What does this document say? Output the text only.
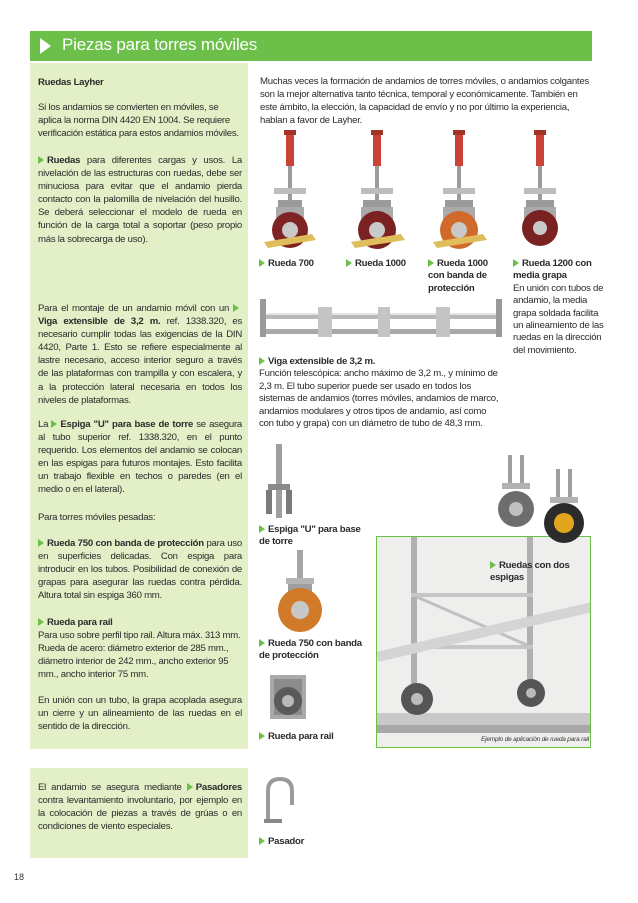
Piezas para torres móviles
Ruedas Layher
Si los andamios se convierten en móviles, se aplica la norma DIN 4420 EN 1004. Se requiere verificación estática para estos andamios móviles.
Ruedas para diferentes cargas y usos. La nivelación de las estructuras con ruedas, debe ser minuciosa para evitar que el andamio pierda contacto con la palomilla de nivelación del husillo. Se deberá seleccionar el modelo de rueda en función de la carga total a soportar (peso propio más la sobrecarga de uso).
Para el montaje de un andamio móvil con un Viga extensible de 3,2 m. ref. 1338.320, es necesario cumplir todas las exigencias de la DIN 4420, Parte 1. Esto se refiere especialmente al lastre necesario, acceso interior seguro a través de las plataformas con trampilla y con escalera, y a la protección lateral necesaria en todos los niveles de plataformas.
La Espiga "U" para base de torre se asegura al tubo superior ref. 1338.320, en el punto requerido. Los elementos del andamio se colocan en las espigas para futuros montajes. Esto facilita un trabajo flexible en techos o paredes (en el medio o en el lateral).
Para torres móviles pesadas:
Rueda 750 con banda de protección para uso en superficies delicadas. Con espiga para introducir en los tubos. Posibilidad de conexión de grapas para asegurar las ruedas contra pérdida. Altura total sin espiga 360 mm.
Rueda para raíl
Para uso sobre perfil tipo rail. Altura máx. 313 mm. Rueda de acero: diámetro exterior de 285 mm., diámetro interior de 242 mm., ancho exterior 95 mm., ancho interior 75 mm.
En unión con un tubo, la grapa acoplada asegura un cierre y un alineamiento de las ruedas en el sentido de la dirección.
El andamio se asegura mediante Pasadores contra levantamiento involuntario, por ejemplo en la colocación de piezas a través de grúas o en condiciones de viento especiales.
Muchas veces la formación de andamios de torres móviles, o andamios colgantes son la mejor alternativa tanto técnica, temporal y económicamente. También en este ámbito, la elección, la capacidad de envío y no por último la experiencia, hablan a favor de Layher.
Rueda 700	Rueda 1000	Rueda 1000 con banda de protección
Rueda 1200 con media grapa
En unión con tubos de andamio, la media grapa soldada facilita un alineamiento de las ruedas en la dirección del movimiento.
Viga extensible de 3,2 m.
Función telescópica: ancho máximo de 3,2 m., y mínimo de 2,3 m. El tubo superior puede ser usado en todos los sistemas de andamios (torres móviles, andamios de marco, andamios modulares y otros tipos de andamio, así como con tubo y grapa) con un diámetro de tubo de 48,3 mm.
Espiga "U" para base de torre
Rueda 750 con banda de protección
Rueda para rail	Ejemplo de aplicación de rueda para rail
Ruedas con dos espigas
Pasador
18
